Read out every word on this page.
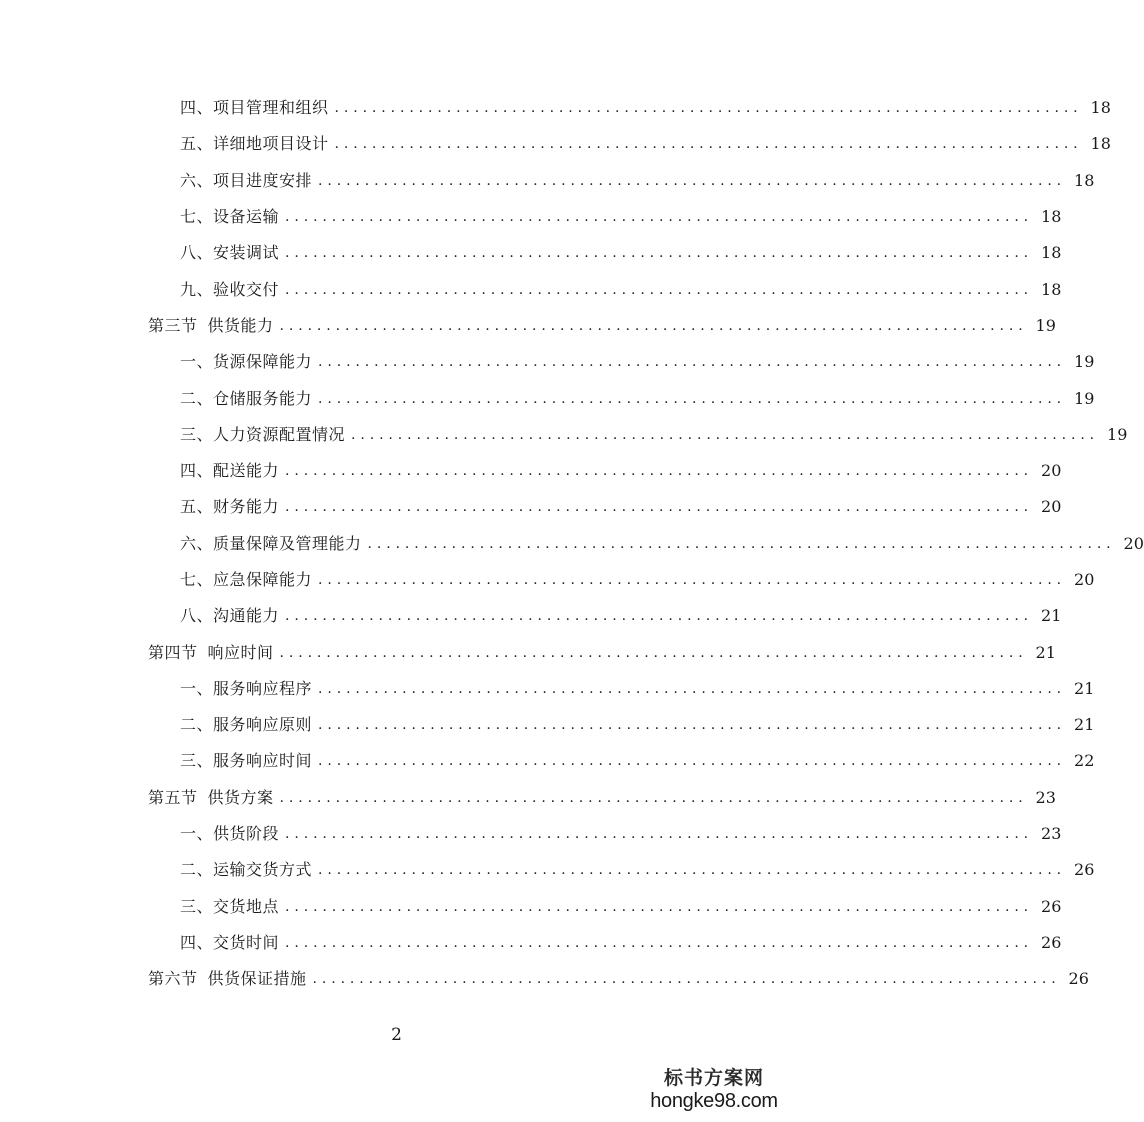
四、项目管理和组织 ................................................................................ 18
五、详细地项目设计 ................................................................................ 18
六、项目进度安排 ................................................................................ 18
七、设备运输 ................................................................................ 18
八、安装调试 ................................................................................ 18
九、验收交付 ................................................................................ 18
第三节 供货能力 ................................................................................ 19
一、货源保障能力 ................................................................................ 19
二、仓储服务能力 ................................................................................ 19
三、人力资源配置情况 ................................................................................ 19
四、配送能力 ................................................................................ 20
五、财务能力 ................................................................................ 20
六、质量保障及管理能力 ................................................................................ 20
七、应急保障能力 ................................................................................ 20
八、沟通能力 ................................................................................ 21
第四节 响应时间 ................................................................................ 21
一、服务响应程序 ................................................................................ 21
二、服务响应原则 ................................................................................ 21
三、服务响应时间 ................................................................................ 22
第五节 供货方案 ................................................................................ 23
一、供货阶段 ................................................................................ 23
二、运输交货方式 ................................................................................ 26
三、交货地点 ................................................................................ 26
四、交货时间 ................................................................................ 26
第六节 供货保证措施 ................................................................................ 26
2
标书方案网
hongke98.com
